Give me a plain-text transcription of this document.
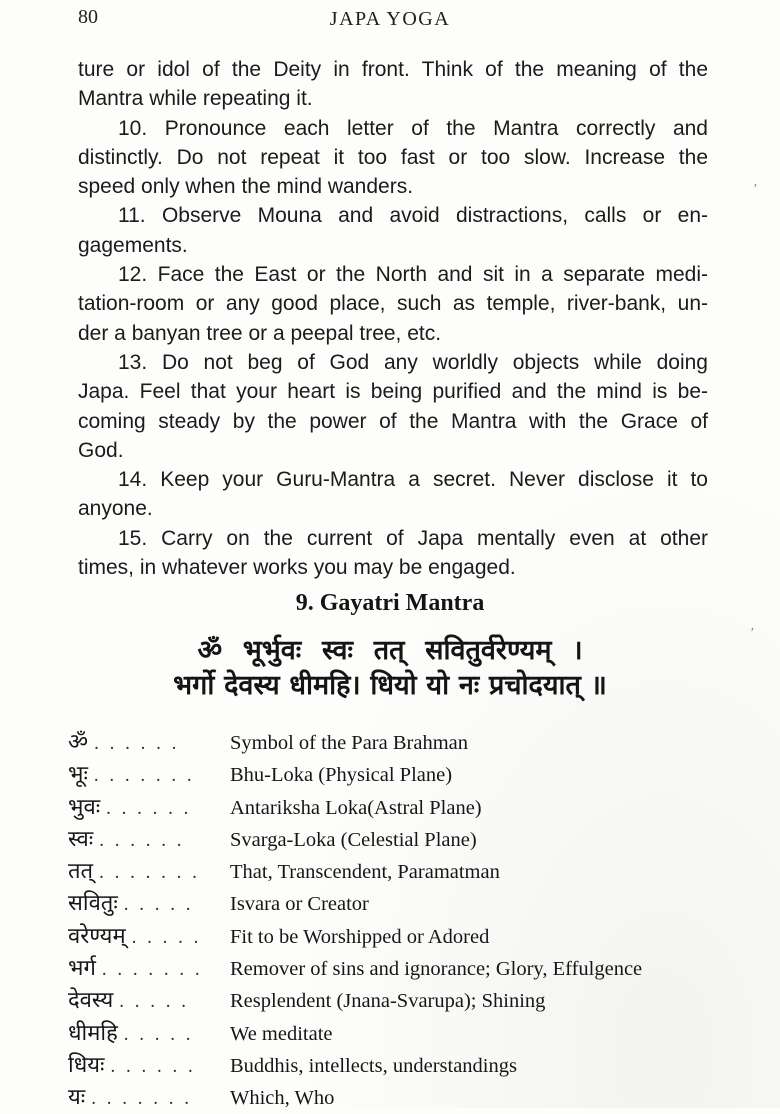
80	JAPA YOGA
ture or idol of the Deity in front. Think of the meaning of the
Mantra while repeating it.
10. Pronounce each letter of the Mantra correctly and
distinctly. Do not repeat it too fast or too slow. Increase the
speed only when the mind wanders.
11. Observe Mouna and avoid distractions, calls or en-
gagements.
12. Face the East or the North and sit in a separate medi-
tation-room or any good place, such as temple, river-bank, un-
der a banyan tree or a peepal tree, etc.
13. Do not beg of God any worldly objects while doing
Japa. Feel that your heart is being purified and the mind is be-
coming steady by the power of the Mantra with the Grace of
God.
14. Keep your Guru-Mantra a secret. Never disclose it to
anyone.
15. Carry on the current of Japa mentally even at other
times, in whatever works you may be engaged.
9. Gayatri Mantra
ॐ भूर्भुवः स्वः तत् सवितुर्वरेण्यम् ।
भर्गो देवस्य धीमहि। धियो यो नः प्रचोदयात् ॥
ॐ . . . . . .	Symbol of the Para Brahman
भूः . . . . . . .	Bhu-Loka (Physical Plane)
भुवः . . . . . .	Antariksha Loka(Astral Plane)
स्वः . . . . . .	Svarga-Loka (Celestial Plane)
तत् . . . . . . .	That, Transcendent, Paramatman
सवितुः . . . . .	Isvara or Creator
वरेण्यम् . . . . .	Fit to be Worshipped or Adored
भर्ग . . . . . . .	Remover of sins and ignorance; Glory, Effulgence
देवस्य . . . . .	Resplendent (Jnana-Svarupa); Shining
धीमहि . . . . .	We meditate
धियः . . . . . .	Buddhis, intellects, understandings
यः . . . . . . .	Which, Who
’
’
